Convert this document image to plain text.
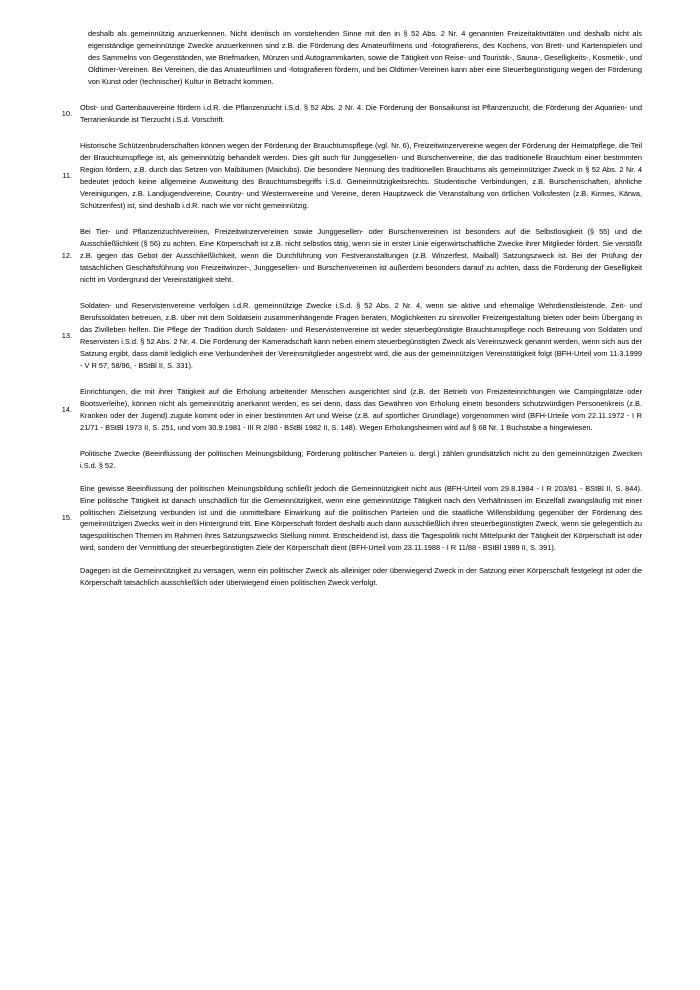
deshalb als gemeinnützig anzuerkennen. Nicht identisch im vorstehenden Sinne mit den in § 52 Abs. 2 Nr. 4 genannten Freizeitaktivitäten und deshalb nicht als eigenständige gemeinnützige Zwecke anzuerkennen sind z.B. die Förderung des Amateurfilmens und -fotografierens, des Kochens, von Brett- und Kartenspielen und des Sammelns von Gegenständen, wie Briefmarken, Münzen und Autogrammkarten, sowie die Tätigkeit von Reise- und Touristik-, Sauna-, Geselligkeits-, Kosmetik-, und Oldtimer-Vereinen. Bei Vereinen, die das Amateurfilmen und -fotografieren fördern, und bei Oldtimer-Vereinen kann aber eine Steuerbegünstigung wegen der Förderung von Kunst oder (technischer) Kultur in Betracht kommen.

10.

Obst- und Gartenbauvereine fördern i.d.R. die Pflanzenzucht i.S.d. § 52 Abs. 2 Nr. 4. Die Förderung der Bonsaikunst ist Pflanzenzucht, die Förderung der Aquarien- und Terrarienkunde ist Tierzucht i.S.d. Vorschrift.

11.

Historische Schützenbruderschaften können wegen der Förderung der Brauchtumspflege (vgl. Nr. 6), Freizeitwinzervereine wegen der Förderung der Heimatpflege, die Teil der Brauchtumspflege ist, als gemeinnützig behandelt werden. Dies gilt auch für Junggesellen- und Burschenvereine, die das traditionelle Brauchtum einer bestimmten Region fördern, z.B. durch das Setzen von Maibäumen (Maiclubs). Die besondere Nennung des traditionellen Brauchtums als gemeinnütziger Zweck in § 52 Abs. 2 Nr. 4 bedeutet jedoch keine allgemeine Ausweitung des Brauchtumsbegriffs i.S.d. Gemeinnützigkeitsrechts. Studentische Verbindungen, z.B. Burschenschaften, ähnliche Vereinigungen, z.B. Landjugendvereine, Country- und Westernvereine und Vereine, deren Hauptzweck die Veranstaltung von örtlichen Volksfesten (z.B. Kirmes, Kärwa, Schützenfest) ist, sind deshalb i.d.R. nach wie vor nicht gemeinnützig.

12.

Bei Tier- und Pflanzenzuchtvereinen, Freizeitwinzervereinen sowie Junggesellen- oder Burschenvereinen ist besonders auf die Selbstlosigkeit (§ 55) und die Ausschließlichkeit (§ 56) zu achten. Eine Körperschaft ist z.B. nicht selbstlos tätig, wenn sie in erster Linie eigenwirtschaftliche Zwecke ihrer Mitglieder fördert. Sie verstößt z.B. gegen das Gebot der Ausschließlichkeit, wenn die Durchführung von Festveranstaltungen (z.B. Winzerfest, Maiball) Satzungszweck ist. Bei der Prüfung der tatsächlichen Geschäftsführung von Freizeitwinzer-, Junggesellen- und Burschenvereinen ist außerdem besonders darauf zu achten, dass die Förderung der Geselligkeit nicht im Vordergrund der Vereinstätigkeit steht.

13.

Soldaten- und Reservistenvereine verfolgen i.d.R. gemeinnützige Zwecke i.S.d. § 52 Abs. 2 Nr. 4, wenn sie aktive und ehemalige Wehrdienstleistende, Zeit- und Berufssoldaten betreuen, z.B. über mit dem Soldatsein zusammenhängende Fragen beraten, Möglichkeiten zu sinnvoller Freizeitgestaltung bieten oder beim Übergang in das Zivilleben helfen. Die Pflege der Tradition durch Soldaten- und Reservistenvereine ist weder steuerbegünstigte Brauchtumspflege noch Betreuung von Soldaten und Reservisten i.S.d. § 52 Abs. 2 Nr. 4. Die Förderung der Kameradschaft kann neben einem steuerbegünstigten Zweck als Vereinszweck genannt werden, wenn sich aus der Satzung ergibt, dass damit lediglich eine Verbundenheit der Vereinsmitglieder angestrebt wird, die aus der gemeinnützigen Vereinstätigkeit folgt (BFH-Urteil vom 11.3.1999 - V R 57, 58/96, - BStBl II, S. 331).

14.

Einrichtungen, die mit ihrer Tätigkeit auf die Erholung arbeitender Menschen ausgerichtet sind (z.B. der Betrieb von Freizeiteinrichtungen wie Campingplätze oder Bootsverleihe), können nicht als gemeinnützig anerkannt werden, es sei denn, dass das Gewähren von Erholung einem besonders schutzwürdigen Personenkreis (z.B. Kranken oder der Jugend) zugute kommt oder in einer bestimmten Art und Weise (z.B. auf sportlicher Grundlage) vorgenommen wird (BFH-Urteile vom 22.11.1972 - I R 21/71 - BStBl 1973 II, S. 251, und vom 30.9.1981 - III R 2/80 - BStBl 1982 II, S. 148). Wegen Erholungsheimen wird auf § 68 Nr. 1 Buchstabe a hingewiesen.

15.

Politische Zwecke (Beeinflussung der politischen Meinungsbildung, Förderung politischer Parteien u. dergl.) zählen grundsätzlich nicht zu den gemeinnützigen Zwecken i.S.d. § 52.

Eine gewisse Beeinflussung der politischen Meinungsbildung schließt jedoch die Gemeinnützigkeit nicht aus (BFH-Urteil vom 29.8.1984 - I R 203/81 - BStBl II, S. 844). Eine politische Tätigkeit ist danach unschädlich für die Gemeinnützigkeit, wenn eine gemeinnützige Tätigkeit nach den Verhältnissen im Einzelfall zwangsläufig mit einer politischen Zielsetzung verbunden ist und die unmittelbare Einwirkung auf die politischen Parteien und die staatliche Willensbildung gegenüber der Förderung des gemeinnützigen Zwecks weit in den Hintergrund tritt. Eine Körperschaft fördert deshalb auch dann ausschließlich ihren steuerbegünstigten Zweck, wenn sie gelegentlich zu tagespolitischen Themen im Rahmen ihres Satzungszwecks Stellung nimmt. Entscheidend ist, dass die Tagespolitik nicht Mittelpunkt der Tätigkeit der Körperschaft ist oder wird, sondern der Vermittlung der steuerbegünstigten Ziele der Körperschaft dient (BFH-Urteil vom 23.11.1988 - I R 11/88 - BStBl 1989 II, S. 391).

Dagegen ist die Gemeinnützigkeit zu versagen, wenn ein politischer Zweck als alleiniger oder überwiegend Zweck in der Satzung einer Körperschaft festgelegt ist oder die Körperschaft tatsächlich ausschließlich oder überwiegend einen politischen Zweck verfolgt.
